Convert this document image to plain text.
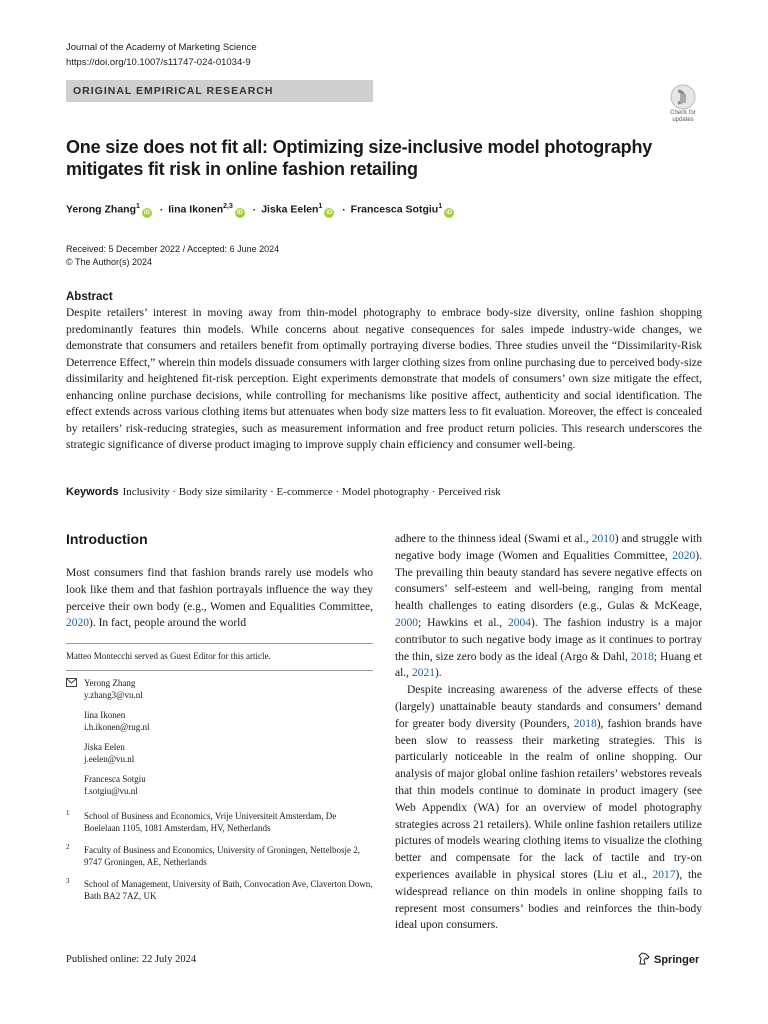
Journal of the Academy of Marketing Science
https://doi.org/10.1007/s11747-024-01034-9
ORIGINAL EMPIRICAL RESEARCH
Check for
updates
One size does not fit all: Optimizing size-inclusive model photography mitigates fit risk in online fashion retailing
Yerong Zhang$^1$iD · Iina Ikonen$^{2,3}$iD · Jiska Eelen$^1$iD · Francesca Sotgiu$^1$iD
Received: 5 December 2022 / Accepted: 6 June 2024
© The Author(s) 2024
Abstract
Despite retailers’ interest in moving away from thin-model photography to embrace body-size diversity, online fashion shopping predominantly features thin models. While concerns about negative consequences for sales impede industry-wide changes, we demonstrate that consumers and retailers benefit from optimally portraying diverse bodies. Three studies unveil the “Dissimilarity-Risk Deterrence Effect,” wherein thin models dissuade consumers with larger clothing sizes from online purchasing due to perceived body-size dissimilarity and heightened fit-risk perception. Eight experiments demonstrate that models of consumers’ own size mitigate the effect, enhancing online purchase decisions, while controlling for mechanisms like positive affect, authenticity and social identification. The effect extends across various clothing items but attenuates when body size matters less to fit evaluation. Moreover, the effect is concealed by retailers’ risk-reducing strategies, such as measurement information and free product return policies. This research underscores the strategic significance of diverse product imaging to improve supply chain efficiency and consumer well-being.
Keywords Inclusivity · Body size similarity · E-commerce · Model photography · Perceived risk
Introduction
Most consumers find that fashion brands rarely use models who look like them and that fashion portrayals influence the way they perceive their own body (e.g., Women and Equalities Committee, 2020). In fact, people around the world
Matteo Montecchi served as Guest Editor for this article.
Yerong Zhang
y.zhang3@vu.nl
Iina Ikonen
i.h.ikonen@rug.nl
Jiska Eelen
j.eelen@vu.nl
Francesca Sotgiu
f.sotgiu@vu.nl
1 School of Business and Economics, Vrije Universiteit Amsterdam, De Boelelaan 1105, 1081 Amsterdam, HV, Netherlands
2 Faculty of Business and Economics, University of Groningen, Nettelbosje 2, 9747 Groningen, AE, Netherlands
3 School of Management, University of Bath, Convocation Ave, Claverton Down, Bath BA2 7AZ, UK

adhere to the thinness ideal (Swami et al., 2010) and struggle with negative body image (Women and Equalities Committee, 2020). The prevailing thin beauty standard has severe negative effects on consumers’ self-esteem and well-being, ranging from mental health challenges to eating disorders (e.g., Gulas & McKeage, 2000; Hawkins et al., 2004). The fashion industry is a major contributor to such negative body image as it continues to portray the thin, size zero body as the ideal (Argo & Dahl, 2018; Huang et al., 2021).

Despite increasing awareness of the adverse effects of these (largely) unattainable beauty standards and consumers’ demand for greater body diversity (Pounders, 2018), fashion brands have been slow to reassess their marketing strategies. This is particularly noticeable in the realm of online shopping. Our analysis of major global online fashion retailers’ webstores reveals that thin models continue to dominate in product imagery (see Web Appendix (WA) for an overview of model photography strategies across 21 retailers). While online fashion retailers utilize pictures of models wearing clothing items to visualize the clothing better and compensate for the lack of tactile and try-on experiences available in physical stores (Liu et al., 2017), the widespread reliance on thin models in online shopping fails to represent most consumers’ bodies and reinforces the thin-body ideal upon consumers.

Published online: 22 July 2024	Springer
